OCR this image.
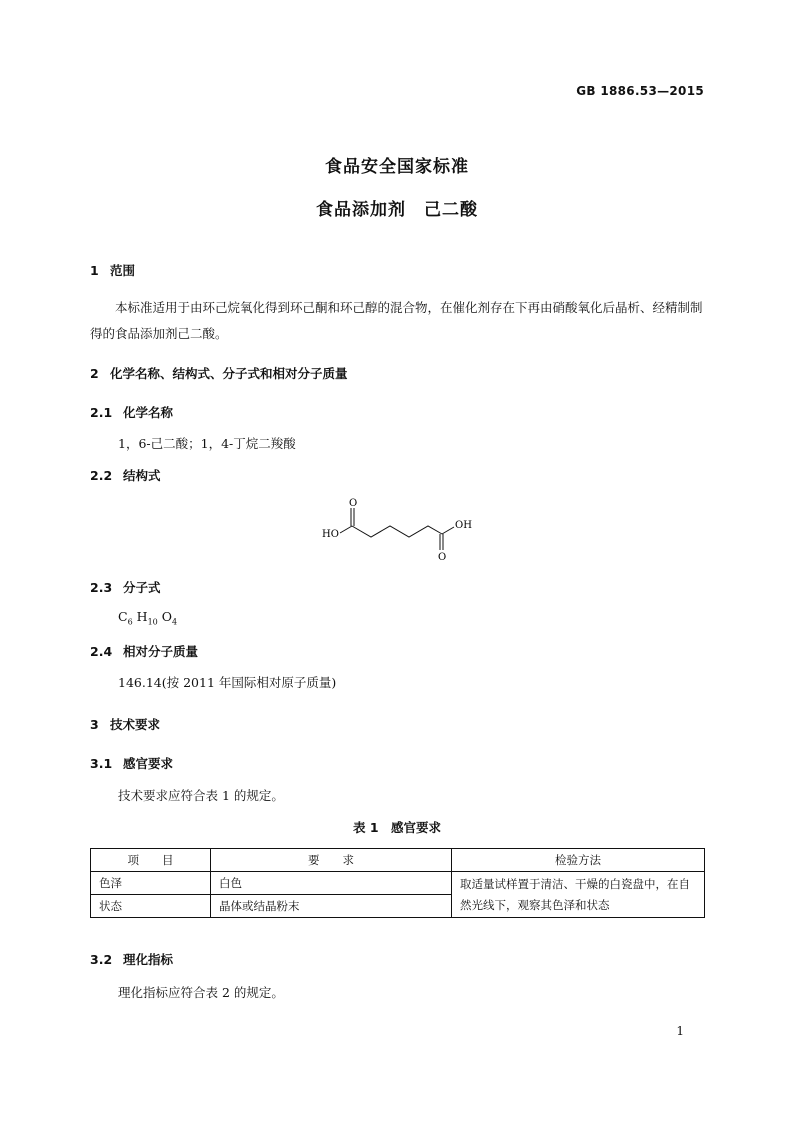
GB 1886.53—2015
食品安全国家标准
食品添加剂　己二酸
1 范围

本标准适用于由环己烷氧化得到环己酮和环己醇的混合物，在催化剂存在下再由硝酸氧化后晶析、经精制制得的食品添加剂己二酸。

2 化学名称、结构式、分子式和相对分子质量
2.1 化学名称
1，6-己二酸；1，4-丁烷二羧酸
2.2 结构式
O
HO
OH
O
2.3 分子式
$C_6$ $H_{10}$ $O_4$
2.4 相对分子质量
146.14(按 2011 年国际相对原子质量)
3 技术要求
3.1 感官要求
技术要求应符合表 1 的规定。
表 1　感官要求
项　　目	要　　求	检验方法
色泽	白色	取适量试样置于清洁、干燥的白瓷盘中，在自然光线下，观察其色泽和状态
状态	晶体或结晶粉末	
3.2 理化指标
理化指标应符合表 2 的规定。
1
